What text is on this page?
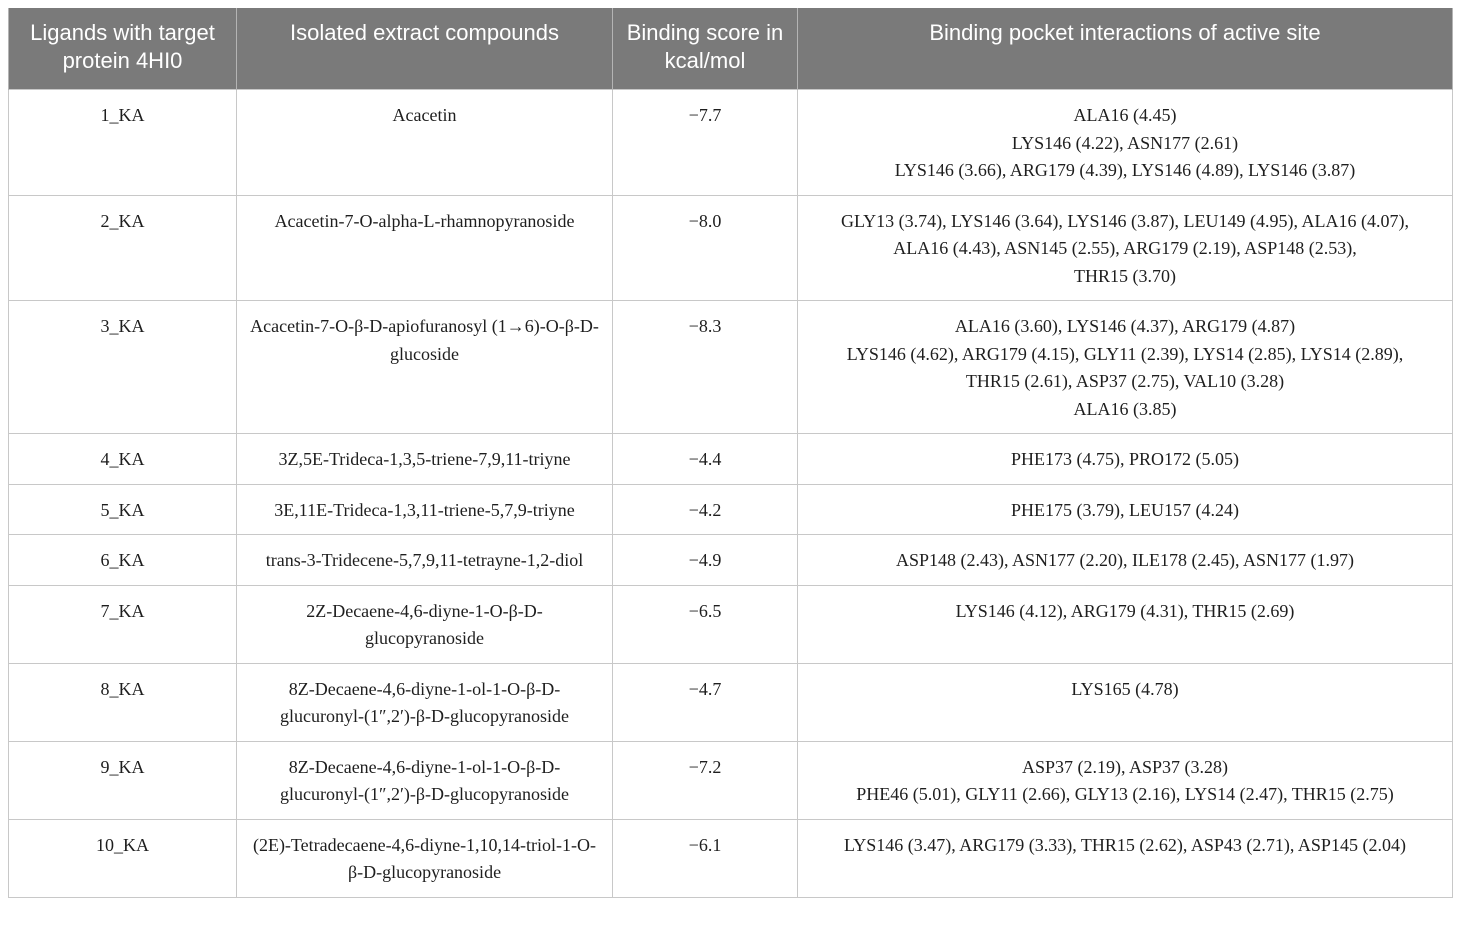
Ligands with target protein 4HI0	Isolated extract compounds	Binding score in kcal/mol	Binding pocket interactions of active site
1_KA	Acacetin	−7.7	ALA16 (4.45)
LYS146 (4.22), ASN177 (2.61)
LYS146 (3.66), ARG179 (4.39), LYS146 (4.89), LYS146 (3.87)

2_KA	Acacetin-7-O-alpha-L-rhamnopyranoside	−8.0	GLY13 (3.74), LYS146 (3.64), LYS146 (3.87), LEU149 (4.95), ALA16 (4.07),
ALA16 (4.43), ASN145 (2.55), ARG179 (2.19), ASP148 (2.53),
THR15 (3.70)

3_KA	Acacetin-7-O-β-D-apiofuranosyl (1→6)-O-β-D-glucoside	−8.3	ALA16 (3.60), LYS146 (4.37), ARG179 (4.87)
LYS146 (4.62), ARG179 (4.15), GLY11 (2.39), LYS14 (2.85), LYS14 (2.89),
THR15 (2.61), ASP37 (2.75), VAL10 (3.28)
ALA16 (3.85)

4_KA	3Z,5E-Trideca-1,3,5-triene-7,9,11-triyne	−4.4	PHE173 (4.75), PRO172 (5.05)

5_KA	3E,11E-Trideca-1,3,11-triene-5,7,9-triyne	−4.2	PHE175 (3.79), LEU157 (4.24)

6_KA	trans-3-Tridecene-5,7,9,11-tetrayne-1,2-diol	−4.9	ASP148 (2.43), ASN177 (2.20), ILE178 (2.45), ASN177 (1.97)

7_KA	2Z-Decaene-4,6-diyne-1-O-β-D-glucopyranoside	−6.5	LYS146 (4.12), ARG179 (4.31), THR15 (2.69)

8_KA	8Z-Decaene-4,6-diyne-1-ol-1-O-β-D-glucuronyl-(1″,2′)-β-D-glucopyranoside	−4.7	LYS165 (4.78)

9_KA	8Z-Decaene-4,6-diyne-1-ol-1-O-β-D-glucuronyl-(1″,2′)-β-D-glucopyranoside	−7.2	ASP37 (2.19), ASP37 (3.28)
PHE46 (5.01), GLY11 (2.66), GLY13 (2.16), LYS14 (2.47), THR15 (2.75)

10_KA	(2E)-Tetradecaene-4,6-diyne-1,10,14-triol-1-O-β-D-glucopyranoside	−6.1	LYS146 (3.47), ARG179 (3.33), THR15 (2.62), ASP43 (2.71), ASP145 (2.04)
